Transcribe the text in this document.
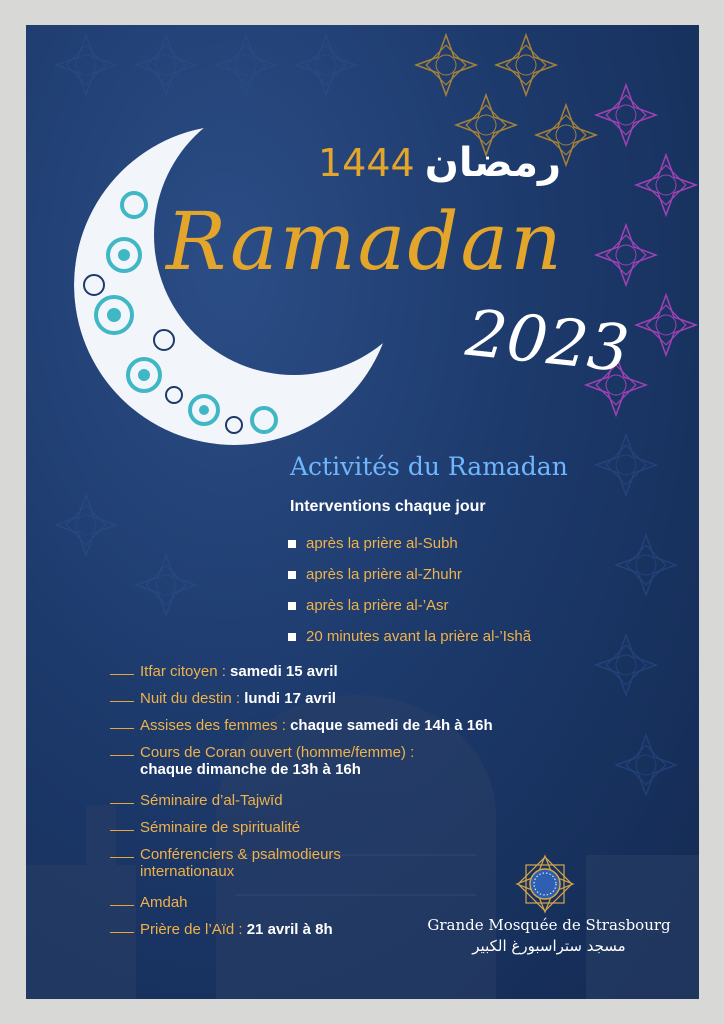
1444 رمضان
Ramadan
2023
Activités du Ramadan
Interventions chaque jour
après la prière al-Subh
après la prière al-Zhuhr
après la prière al-’Asr
20 minutes avant la prière al-’Ishã
Itfar citoyen : samedi 15 avril
Nuit du destin : lundi 17 avril
Assises des femmes : chaque samedi de 14h à 16h
Cours de Coran ouvert (homme/femme) :
chaque dimanche de 13h à 16h
Séminaire d’al-Tajwīd
Séminaire de spiritualité
Conférenciers & psalmodieurs
internationaux
Amdah
Prière de l’Aïd : 21 avril à 8h	Grande Mosquée de Strasbourg
مسجد ستراسبورغ الكبير
